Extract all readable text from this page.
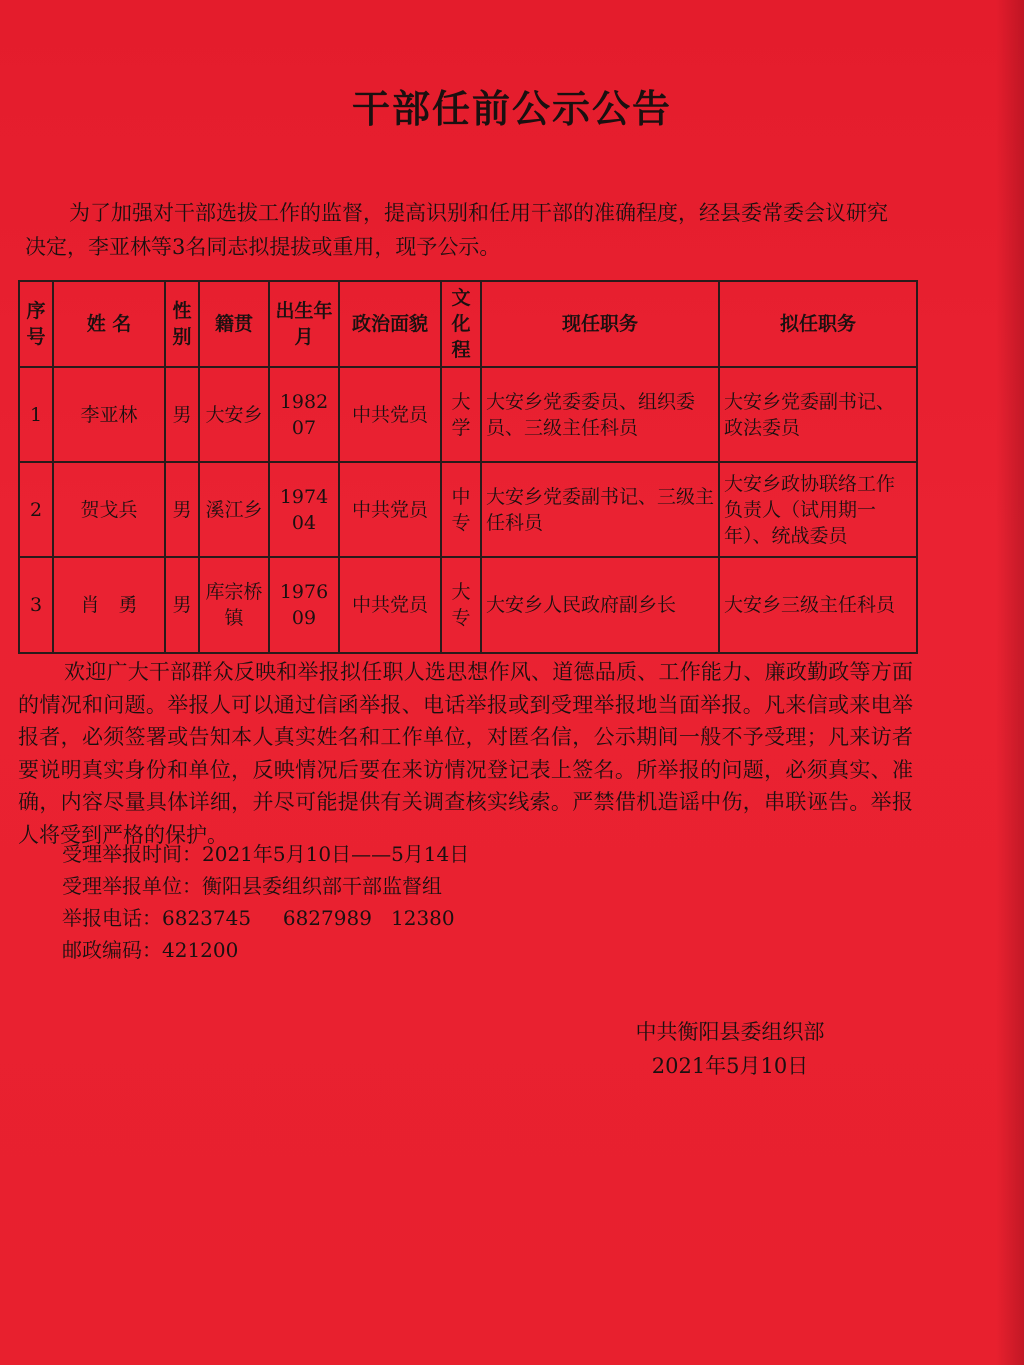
干部任前公示公告
为了加强对干部选拔工作的监督，提高识别和任用干部的准确程度，经县委常委会议研究决定，李亚林等3名同志拟提拔或重用，现予公示。
序号	姓 名	性别	籍贯	出生年月	政治面貌	文化程	现任职务	拟任职务
1	李亚林	男	大安乡	198207	中共党员	大学	大安乡党委委员、组织委员、三级主任科员	大安乡党委副书记、政法委员
2	贺戈兵	男	溪江乡	197404	中共党员	中专	大安乡党委副书记、三级主任科员	大安乡政协联络工作负责人（试用期一年）、统战委员
3	肖　勇	男	库宗桥镇	197609	中共党员	大专	大安乡人民政府副乡长	大安乡三级主任科员
欢迎广大干部群众反映和举报拟任职人选思想作风、道德品质、工作能力、廉政勤政等方面的情况和问题。举报人可以通过信函举报、电话举报或到受理举报地当面举报。凡来信或来电举报者，必须签署或告知本人真实姓名和工作单位，对匿名信，公示期间一般不予受理；凡来访者要说明真实身份和单位，反映情况后要在来访情况登记表上签名。所举报的问题，必须真实、准确，内容尽量具体详细，并尽可能提供有关调查核实线索。严禁借机造谣中伤，串联诬告。举报人将受到严格的保护。
受理举报时间：2021年5月10日——5月14日
受理举报单位：衡阳县委组织部干部监督组
举报电话：6823745     6827989   12380
邮政编码：421200
中共衡阳县委组织部
2021年5月10日
